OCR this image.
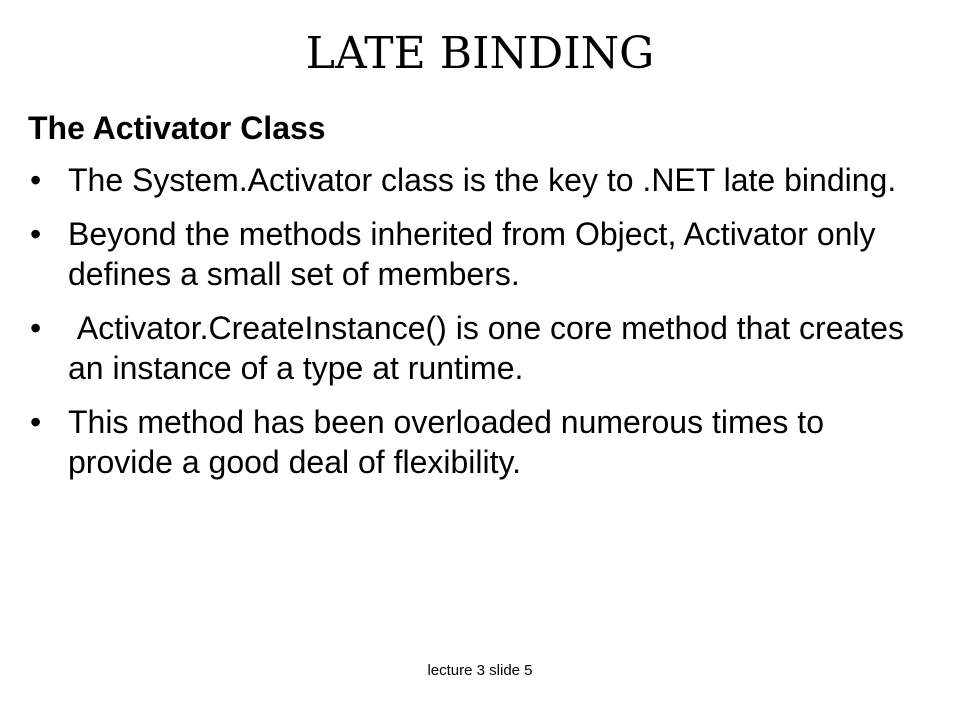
LATE BINDING
The Activator Class
• The System.Activator class is the key to .NET late binding.
• Beyond the methods inherited from Object, Activator only defines a small set of members.
• Activator.CreateInstance() is one core method that creates an instance of a type at runtime.
• This method has been overloaded numerous times to provide a good deal of flexibility.
lecture 3 slide 5
